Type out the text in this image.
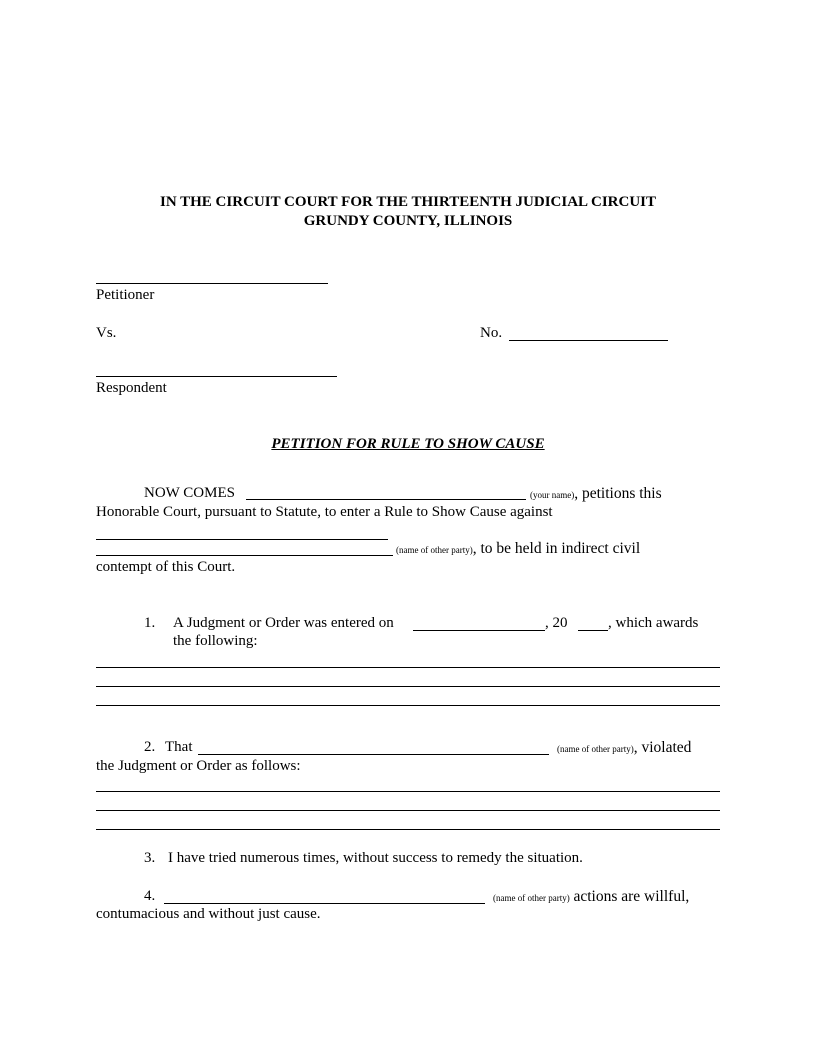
IN THE CIRCUIT COURT FOR THE THIRTEENTH JUDICIAL CIRCUIT
GRUNDY COUNTY, ILLINOIS
Petitioner
Vs.	No.
Respondent
PETITION FOR RULE TO SHOW CAUSE
NOW COMES	(your name), petitions this
Honorable Court, pursuant to Statute, to enter a Rule to Show Cause against
(name of other party), to be held in indirect civil
contempt of this Court.
1. A Judgment or Order was entered on	, 20	, which awards
the following:
2. That	(name of other party), violated
the Judgment or Order as follows:
3. I have tried numerous times, without success to remedy the situation.
4.	(name of other party) actions are willful,
contumacious and without just cause.
